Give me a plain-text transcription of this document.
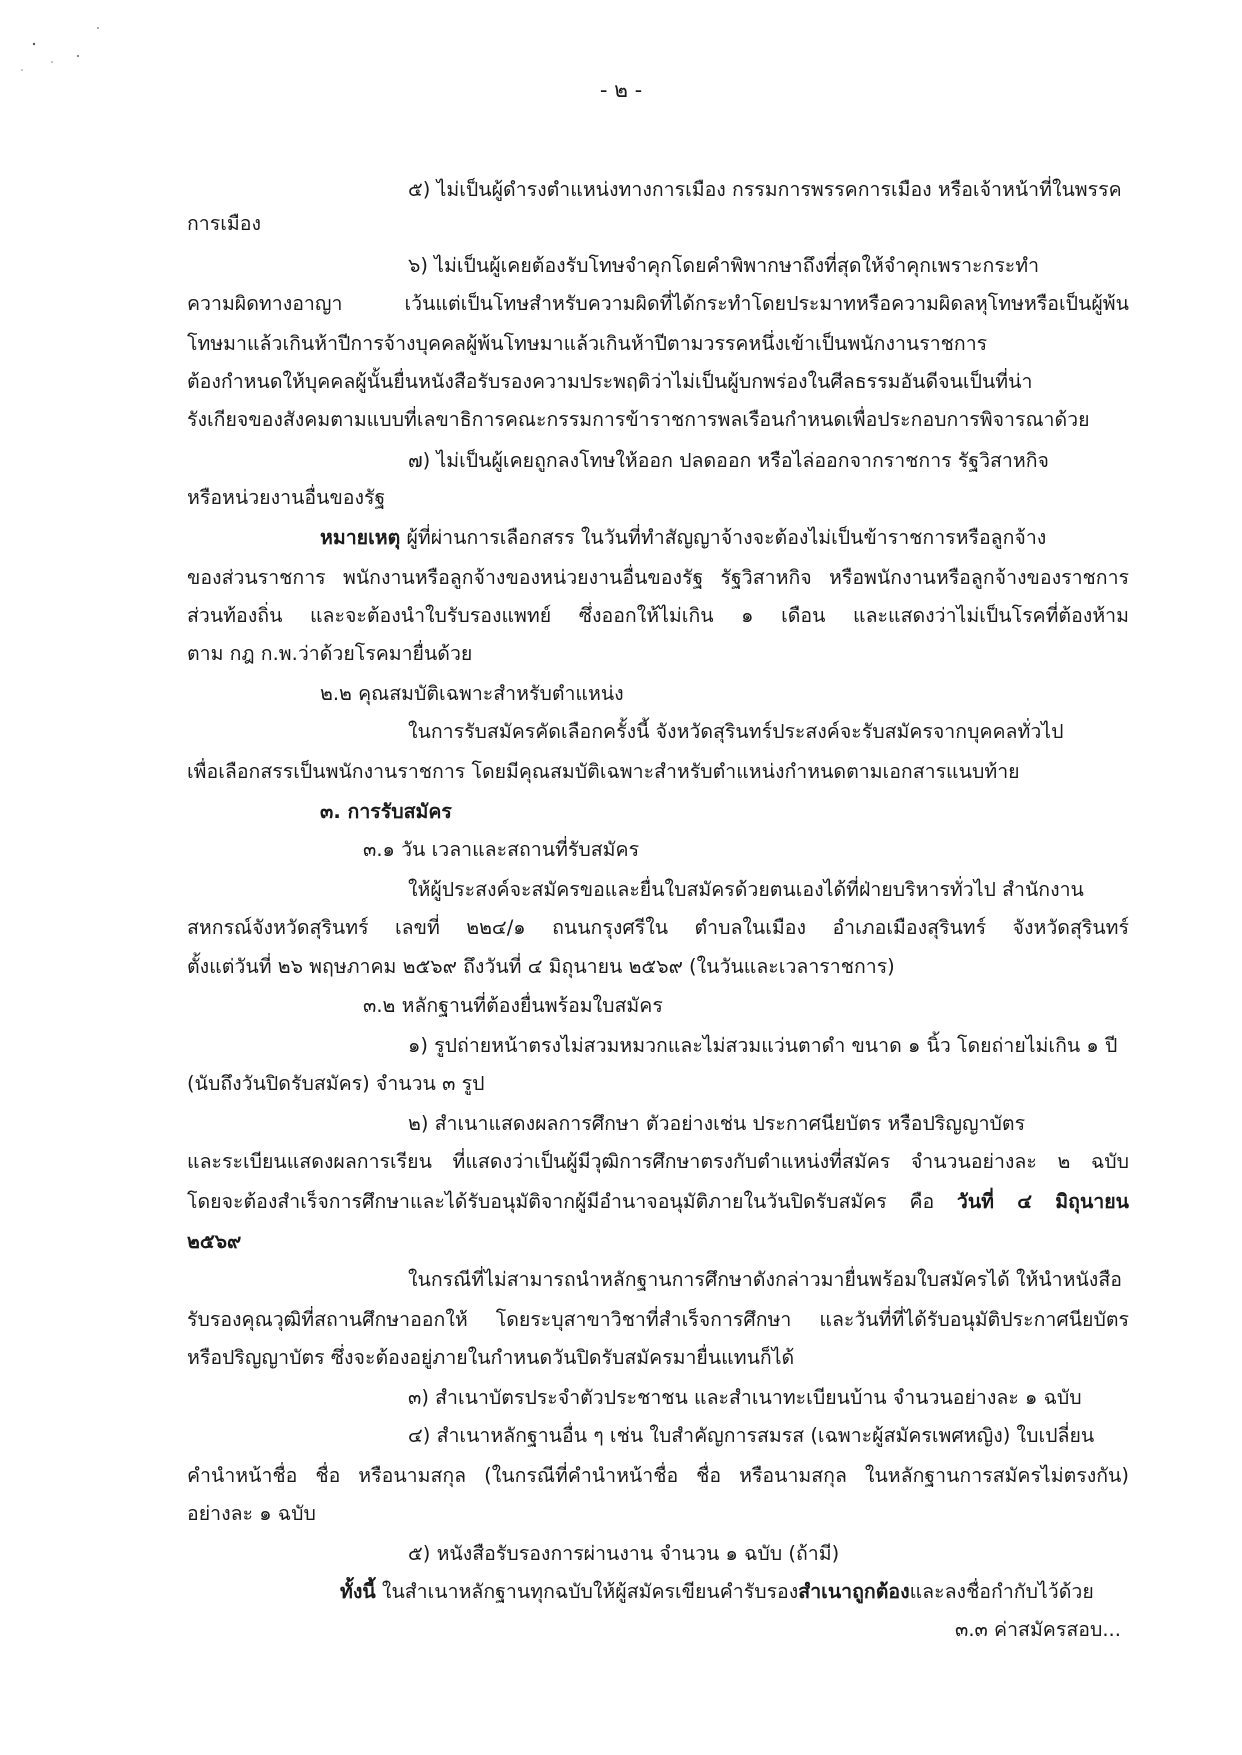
- ๒ -
๕) ไม่เป็นผู้ดำรงตำแหน่งทางการเมือง กรรมการพรรคการเมือง หรือเจ้าหน้าที่ในพรรค
การเมือง
๖) ไม่เป็นผู้เคยต้องรับโทษจำคุกโดยคำพิพากษาถึงที่สุดให้จำคุกเพราะกระทำ
ความผิดทางอาญา เว้นแต่เป็นโทษสำหรับความผิดที่ได้กระทำโดยประมาทหรือความผิดลหุโทษหรือเป็นผู้พ้น
โทษมาแล้วเกินห้าปีการจ้างบุคคลผู้พ้นโทษมาแล้วเกินห้าปีตามวรรคหนึ่งเข้าเป็นพนักงานราชการ
ต้องกำหนดให้บุคคลผู้นั้นยื่นหนังสือรับรองความประพฤติว่าไม่เป็นผู้บกพร่องในศีลธรรมอันดีจนเป็นที่น่า
รังเกียจของสังคมตามแบบที่เลขาธิการคณะกรรมการข้าราชการพลเรือนกำหนดเพื่อประกอบการพิจารณาด้วย
๗) ไม่เป็นผู้เคยถูกลงโทษให้ออก ปลดออก หรือไล่ออกจากราชการ รัฐวิสาหกิจ
หรือหน่วยงานอื่นของรัฐ
หมายเหตุ ผู้ที่ผ่านการเลือกสรร ในวันที่ทำสัญญาจ้างจะต้องไม่เป็นข้าราชการหรือลูกจ้าง
ของส่วนราชการ พนักงานหรือลูกจ้างของหน่วยงานอื่นของรัฐ รัฐวิสาหกิจ หรือพนักงานหรือลูกจ้างของราชการ
ส่วนท้องถิ่น และจะต้องนำใบรับรองแพทย์ ซึ่งออกให้ไม่เกิน ๑ เดือน และแสดงว่าไม่เป็นโรคที่ต้องห้าม
ตาม กฎ ก.พ.ว่าด้วยโรคมายื่นด้วย
๒.๒ คุณสมบัติเฉพาะสำหรับตำแหน่ง
ในการรับสมัครคัดเลือกครั้งนี้ จังหวัดสุรินทร์ประสงค์จะรับสมัครจากบุคคลทั่วไป
เพื่อเลือกสรรเป็นพนักงานราชการ โดยมีคุณสมบัติเฉพาะสำหรับตำแหน่งกำหนดตามเอกสารแนบท้าย
๓. การรับสมัคร
๓.๑ วัน เวลาและสถานที่รับสมัคร
ให้ผู้ประสงค์จะสมัครขอและยื่นใบสมัครด้วยตนเองได้ที่ฝ่ายบริหารทั่วไป สำนักงาน
สหกรณ์จังหวัดสุรินทร์ เลขที่ ๒๒๔/๑ ถนนกรุงศรีใน ตำบลในเมือง อำเภอเมืองสุรินทร์ จังหวัดสุรินทร์
ตั้งแต่วันที่ ๒๖ พฤษภาคม ๒๕๖๙ ถึงวันที่ ๔ มิถุนายน ๒๕๖๙ (ในวันและเวลาราชการ)
๓.๒ หลักฐานที่ต้องยื่นพร้อมใบสมัคร
๑) รูปถ่ายหน้าตรงไม่สวมหมวกและไม่สวมแว่นตาดำ ขนาด ๑ นิ้ว โดยถ่ายไม่เกิน ๑ ปี
(นับถึงวันปิดรับสมัคร) จำนวน ๓ รูป
๒) สำเนาแสดงผลการศึกษา ตัวอย่างเช่น ประกาศนียบัตร หรือปริญญาบัตร
และระเบียนแสดงผลการเรียน ที่แสดงว่าเป็นผู้มีวุฒิการศึกษาตรงกับตำแหน่งที่สมัคร จำนวนอย่างละ ๒ ฉบับ
โดยจะต้องสำเร็จการศึกษาและได้รับอนุมัติจากผู้มีอำนาจอนุมัติภายในวันปิดรับสมัคร คือ วันที่ ๔ มิถุนายน
๒๕๖๙
ในกรณีที่ไม่สามารถนำหลักฐานการศึกษาดังกล่าวมายื่นพร้อมใบสมัครได้ ให้นำหนังสือ
รับรองคุณวุฒิที่สถานศึกษาออกให้ โดยระบุสาขาวิชาที่สำเร็จการศึกษา และวันที่ที่ได้รับอนุมัติประกาศนียบัตร
หรือปริญญาบัตร ซึ่งจะต้องอยู่ภายในกำหนดวันปิดรับสมัครมายื่นแทนก็ได้
๓) สำเนาบัตรประจำตัวประชาชน และสำเนาทะเบียนบ้าน จำนวนอย่างละ ๑ ฉบับ
๔) สำเนาหลักฐานอื่น ๆ เช่น ใบสำคัญการสมรส (เฉพาะผู้สมัครเพศหญิง) ใบเปลี่ยน
คำนำหน้าชื่อ ชื่อ หรือนามสกุล (ในกรณีที่คำนำหน้าชื่อ ชื่อ หรือนามสกุล ในหลักฐานการสมัครไม่ตรงกัน)
อย่างละ ๑ ฉบับ
๕) หนังสือรับรองการผ่านงาน จำนวน ๑ ฉบับ (ถ้ามี)
ทั้งนี้ ในสำเนาหลักฐานทุกฉบับให้ผู้สมัครเขียนคำรับรองสำเนาถูกต้องและลงชื่อกำกับไว้ด้วย
๓.๓ ค่าสมัครสอบ...
